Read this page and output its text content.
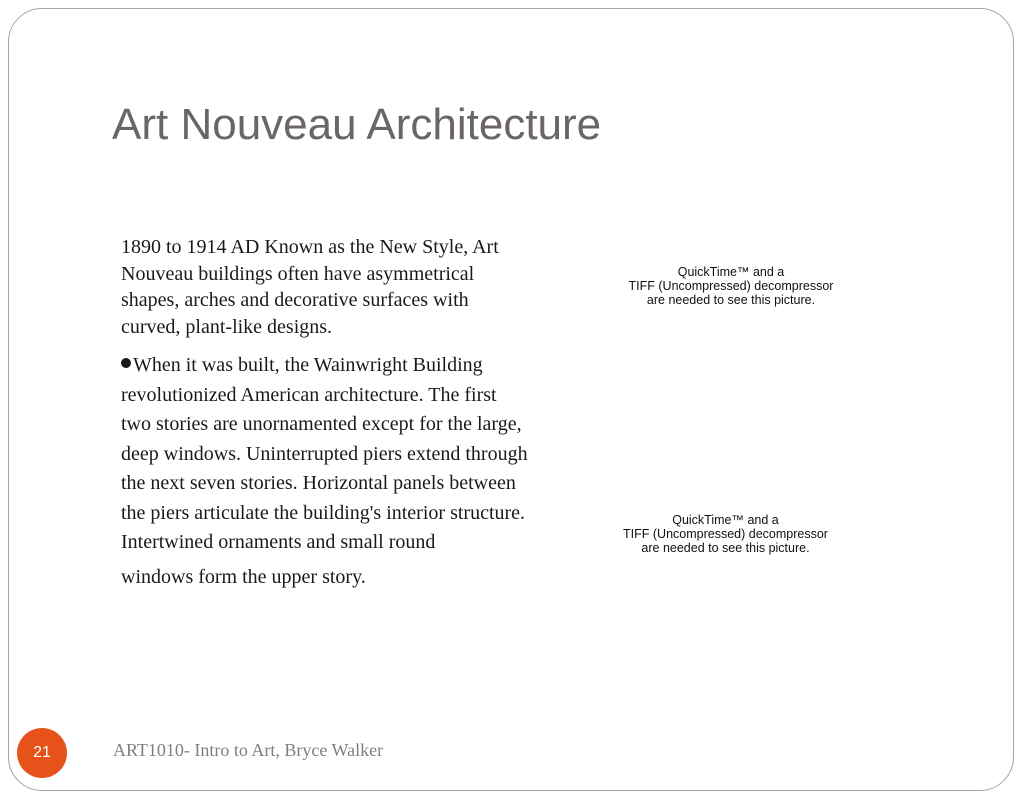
Art Nouveau Architecture
1890 to 1914 AD Known as the New Style, Art Nouveau buildings often have asymmetrical shapes, arches and decorative surfaces with curved, plant-like designs.
When it was built, the Wainwright Building revolutionized American architecture. The first two stories are unornamented except for the large, deep windows. Uninterrupted piers extend through the next seven stories. Horizontal panels between the piers articulate the building's interior structure. Intertwined ornaments and small round
windows form the upper story.
QuickTime™ and a
TIFF (Uncompressed) decompressor
are needed to see this picture.
QuickTime™ and a
TIFF (Uncompressed) decompressor
are needed to see this picture.
21	ART1010- Intro to Art, Bryce Walker
